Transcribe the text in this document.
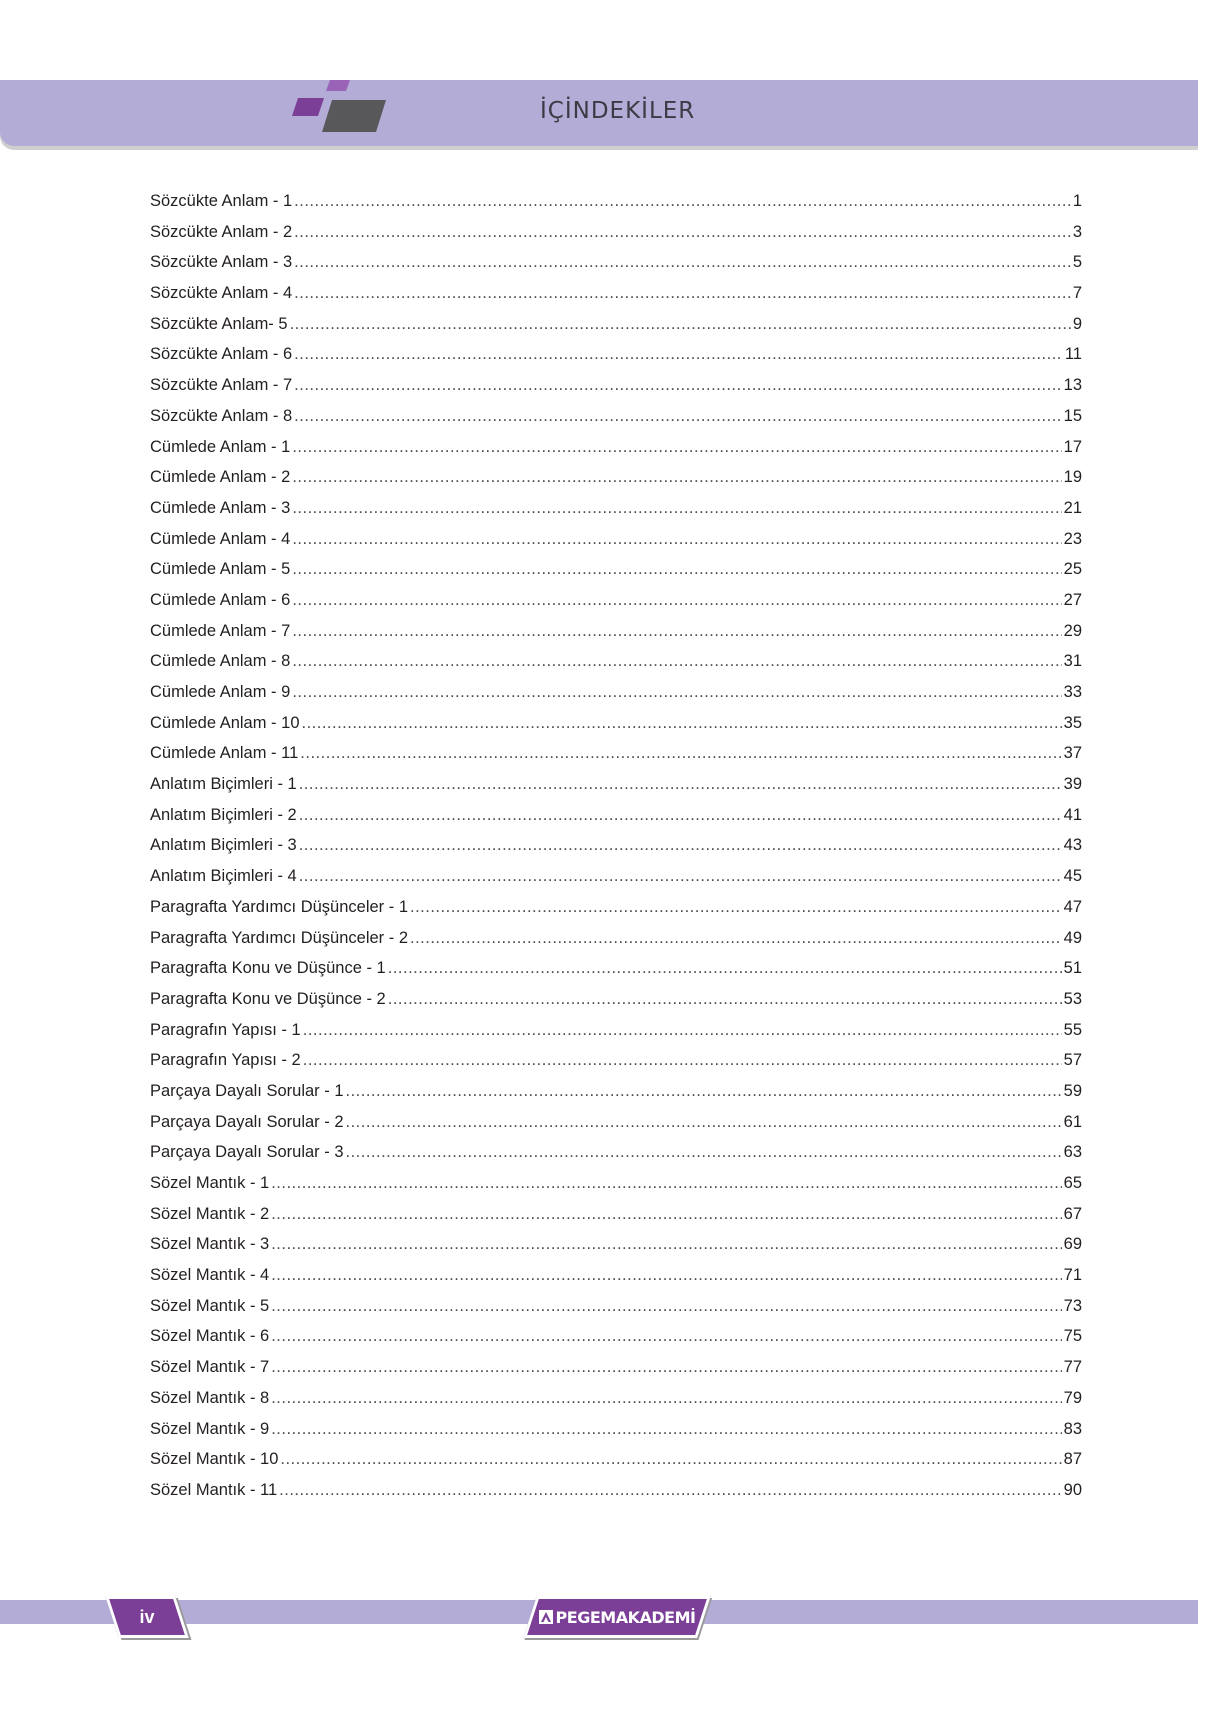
İÇİNDEKİLER
Sözcükte Anlam - 1 .....	1
Sözcükte Anlam - 2 .....	3
Sözcükte Anlam - 3 .....	5
Sözcükte Anlam - 4 .....	7
Sözcükte Anlam- 5 .....	9
Sözcükte Anlam - 6 .....	11
Sözcükte Anlam - 7 .....	13
Sözcükte Anlam - 8 .....	15
Cümlede Anlam - 1 .....	17
Cümlede Anlam - 2 .....	19
Cümlede Anlam - 3 .....	21
Cümlede Anlam - 4 .....	23
Cümlede Anlam - 5 .....	25
Cümlede Anlam - 6 .....	27
Cümlede Anlam - 7 .....	29
Cümlede Anlam - 8 .....	31
Cümlede Anlam - 9 .....	33
Cümlede Anlam - 10 .....	35
Cümlede Anlam - 11 .....	37
Anlatım Biçimleri - 1 .....	39
Anlatım Biçimleri - 2 .....	41
Anlatım Biçimleri - 3 .....	43
Anlatım Biçimleri - 4 .....	45
Paragrafta Yardımcı Düşünceler - 1 .....	47
Paragrafta Yardımcı Düşünceler - 2 .....	49
Paragrafta Konu ve Düşünce - 1 .....	51
Paragrafta Konu ve Düşünce - 2 .....	53
Paragrafın Yapısı - 1 .....	55
Paragrafın Yapısı - 2 .....	57
Parçaya Dayalı Sorular - 1 .....	59
Parçaya Dayalı Sorular - 2 .....	61
Parçaya Dayalı Sorular - 3 .....	63
Sözel Mantık - 1 .....	65
Sözel Mantık - 2 .....	67
Sözel Mantık - 3 .....	69
Sözel Mantık - 4 .....	71
Sözel Mantık - 5 .....	73
Sözel Mantık - 6 .....	75
Sözel Mantık - 7 .....	77
Sözel Mantık - 8 .....	79
Sözel Mantık - 9 .....	83
Sözel Mantık - 10 .....	87
Sözel Mantık - 11 .....	90
iv	PEGEMAKADEMİ
